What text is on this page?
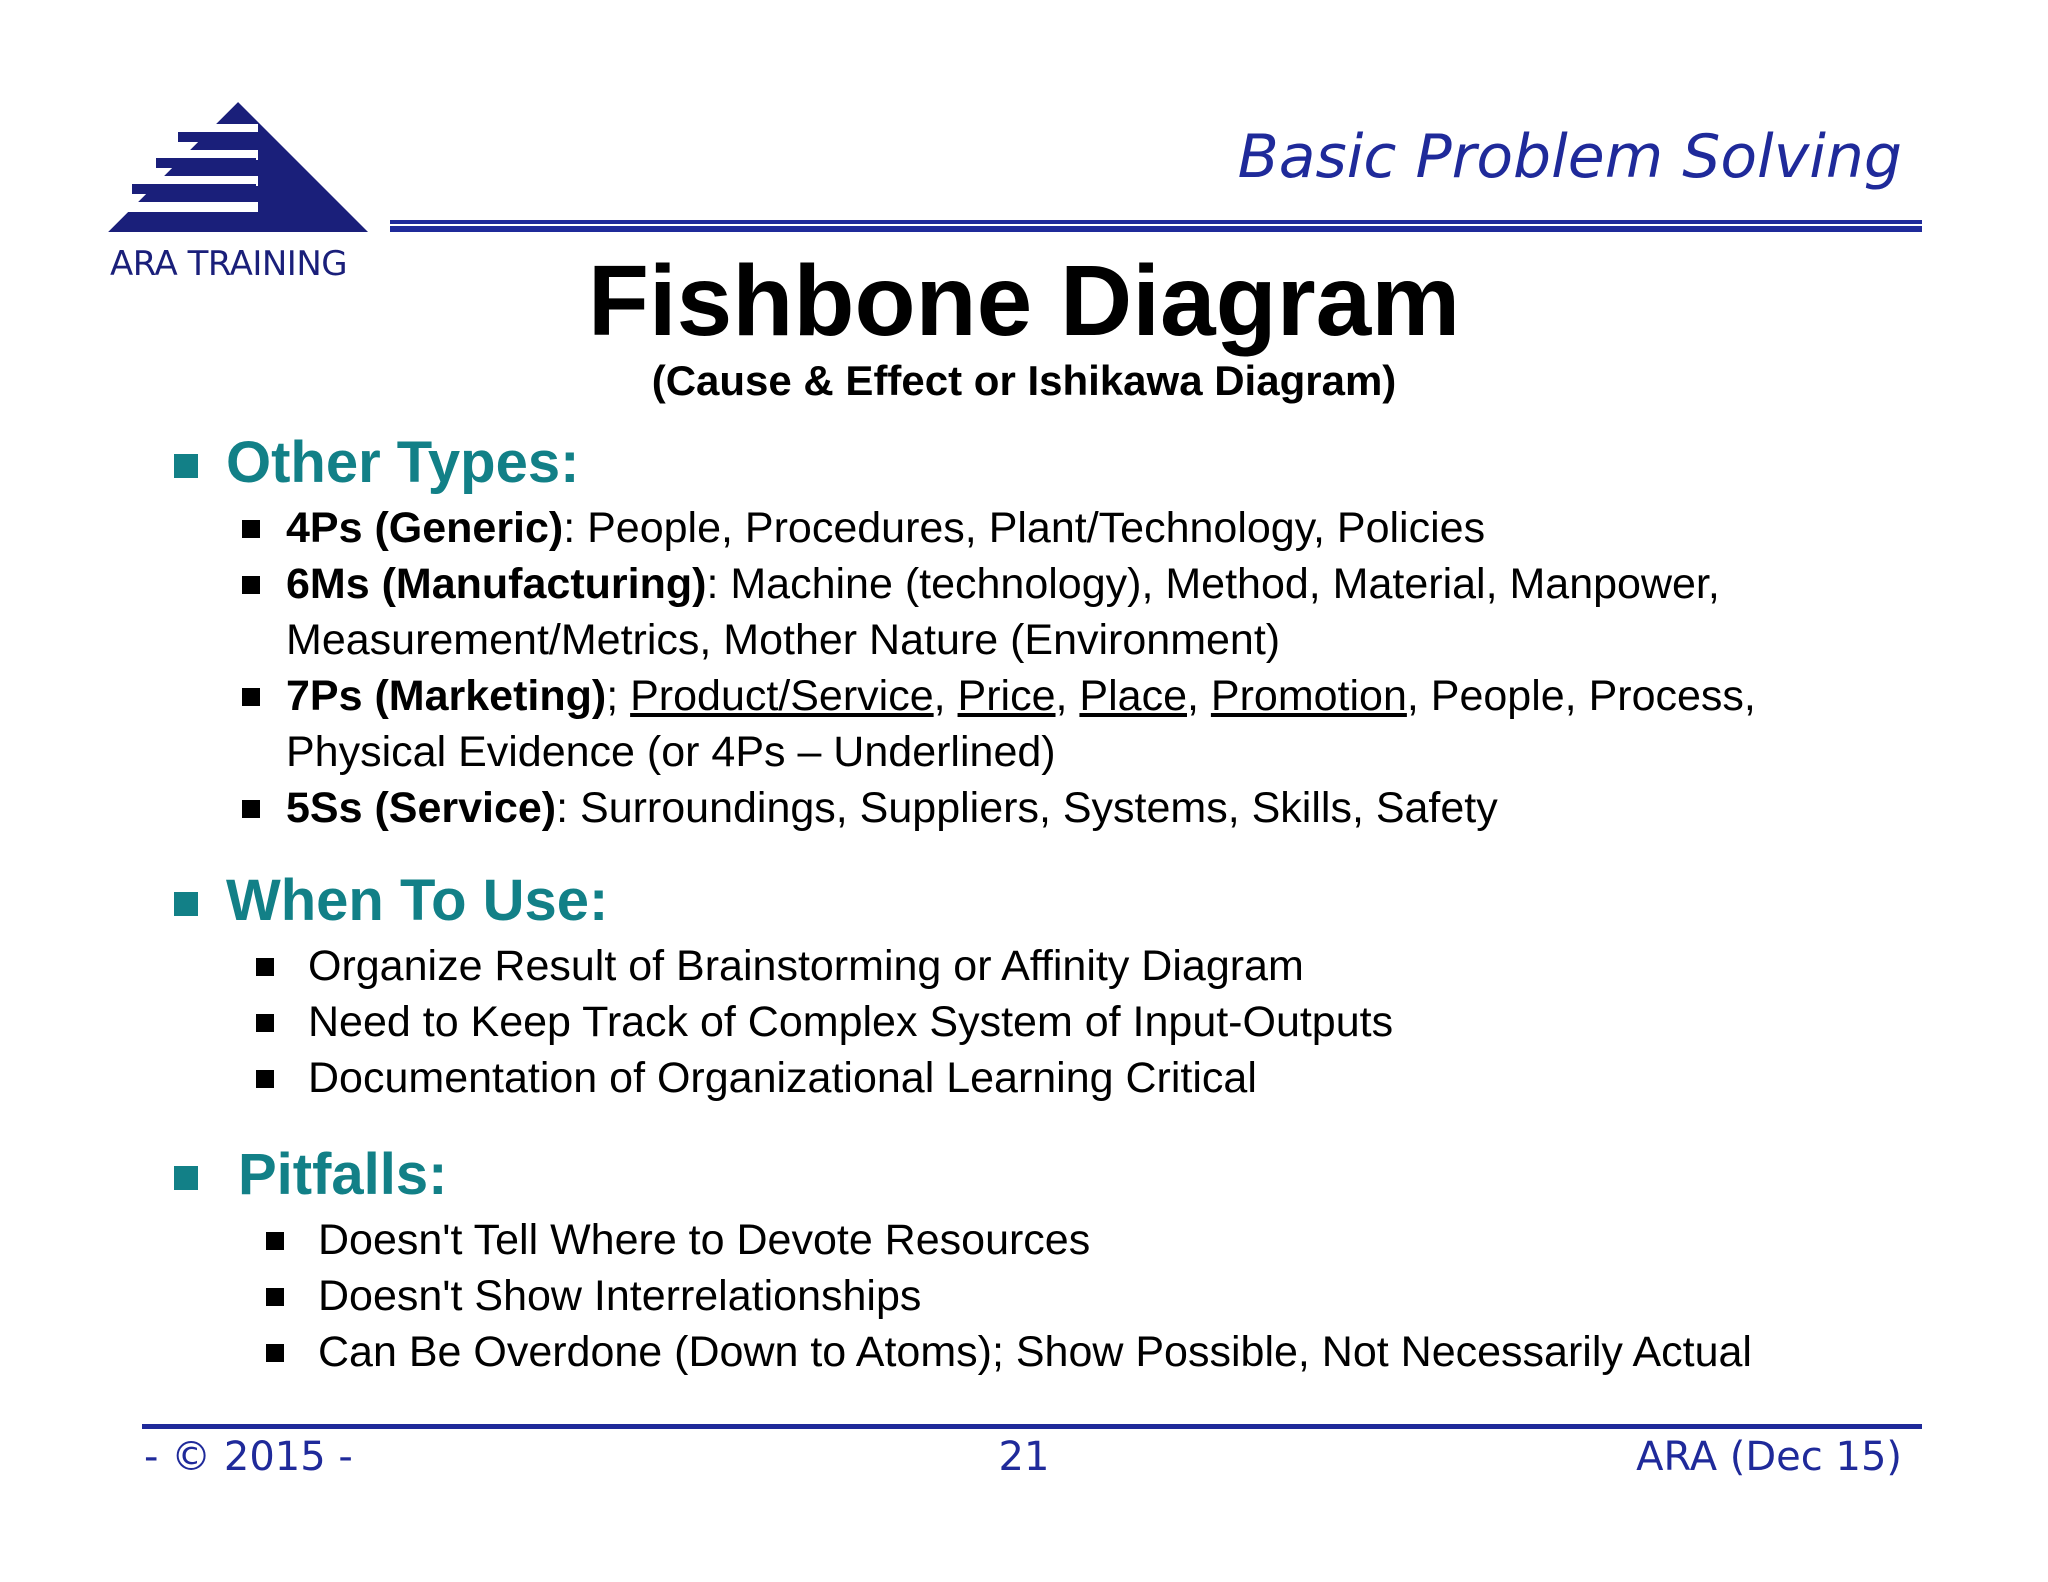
ARA TRAINING
Basic Problem Solving
Fishbone Diagram
(Cause & Effect or Ishikawa Diagram)
Other Types:
4Ps (Generic): People, Procedures, Plant/Technology, Policies
6Ms (Manufacturing): Machine (technology), Method, Material, Manpower,
Measurement/Metrics, Mother Nature (Environment)
7Ps (Marketing); Product/Service, Price, Place, Promotion, People, Process,
Physical Evidence (or 4Ps – Underlined)
5Ss (Service): Surroundings, Suppliers, Systems, Skills, Safety
When To Use:
Organize Result of Brainstorming or Affinity Diagram
Need to Keep Track of Complex System of Input-Outputs
Documentation of Organizational Learning Critical
Pitfalls:
Doesn't Tell Where to Devote Resources
Doesn't Show Interrelationships
Can Be Overdone (Down to Atoms); Show Possible, Not Necessarily Actual
- © 2015 -	21	ARA (Dec 15)
